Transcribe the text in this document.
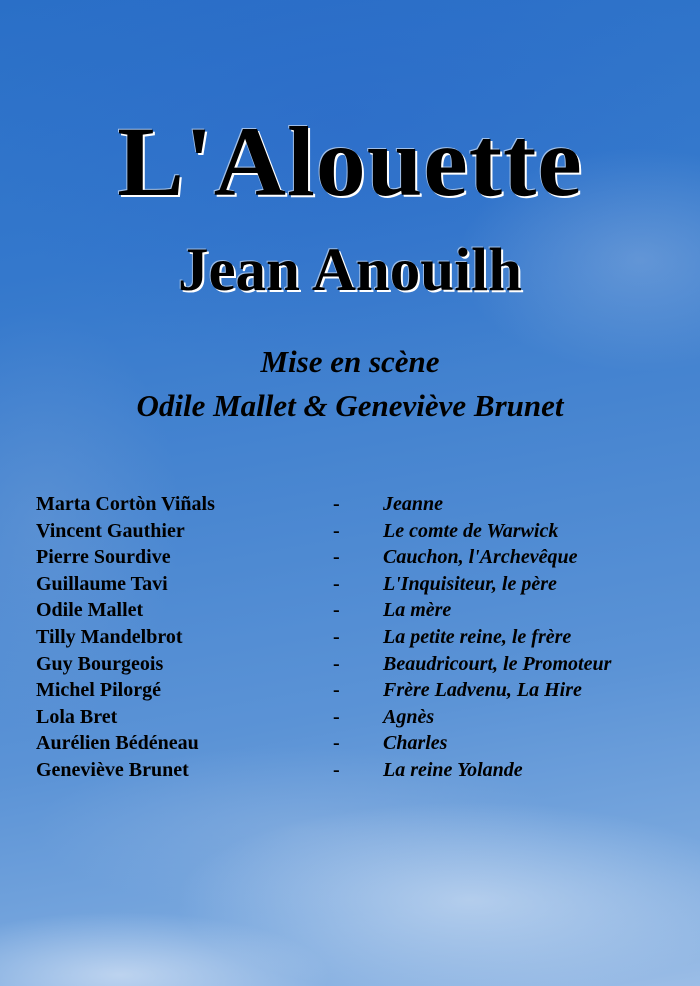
L'Alouette
Jean Anouilh
Mise en scène
Odile Mallet & Geneviève Brunet
Marta Cortòn Viñals	- Jeanne
Vincent Gauthier	- Le comte de Warwick
Pierre Sourdive	- Cauchon, l'Archevêque
Guillaume Tavi	- L'Inquisiteur, le père
Odile Mallet	- La mère
Tilly Mandelbrot	- La petite reine, le frère
Guy Bourgeois	- Beaudricourt, le Promoteur
Michel Pilorgé	- Frère Ladvenu, La Hire
Lola Bret	- Agnès
Aurélien Bédéneau	- Charles
Geneviève Brunet	- La reine Yolande
